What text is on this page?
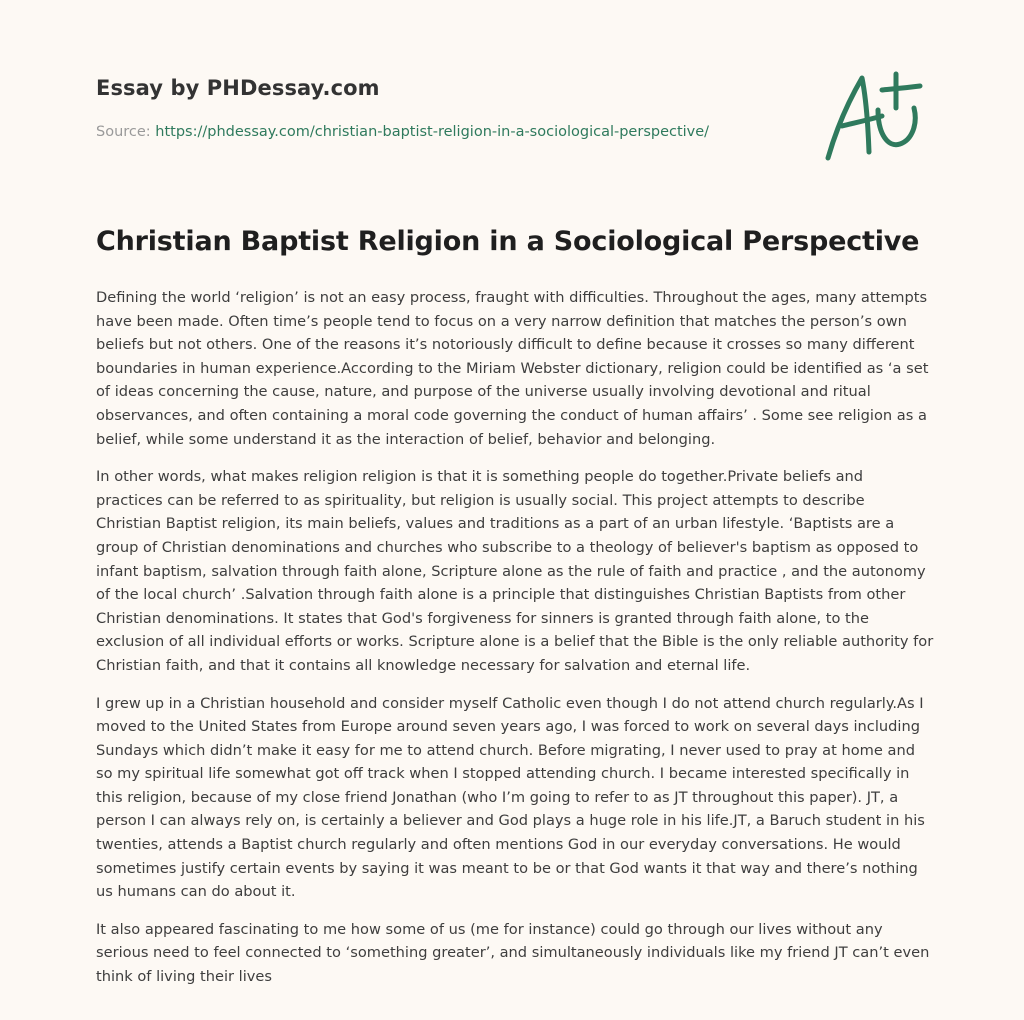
Essay by PHDessay.com
Source: https://phdessay.com/christian-baptist-religion-in-a-sociological-perspective/
Christian Baptist Religion in a Sociological Perspective

Defining the world ‘religion’ is not an easy process, fraught with difficulties. Throughout the ages, many attempts have been made. Often time’s people tend to focus on a very narrow definition that matches the person’s own beliefs but not others. One of the reasons it’s notoriously difficult to define because it crosses so many different boundaries in human experience.According to the Miriam Webster dictionary, religion could be identified as ‘a set of ideas concerning the cause, nature, and purpose of the universe usually involving devotional and ritual observances, and often containing a moral code governing the conduct of human affairs’ . Some see religion as a belief, while some understand it as the interaction of belief, behavior and belonging.

In other words, what makes religion religion is that it is something people do together.Private beliefs and practices can be referred to as spirituality, but religion is usually social. This project attempts to describe Christian Baptist religion, its main beliefs, values and traditions as a part of an urban lifestyle. ‘Baptists are a group of Christian denominations and churches who subscribe to a theology of believer's baptism as opposed to infant baptism, salvation through faith alone, Scripture alone as the rule of faith and practice , and the autonomy of the local church’ .Salvation through faith alone is a principle that distinguishes Christian Baptists from other Christian denominations. It states that God's forgiveness for sinners is granted through faith alone, to the exclusion of all individual efforts or works. Scripture alone is a belief that the Bible is the only reliable authority for Christian faith, and that it contains all knowledge necessary for salvation and eternal life.

I grew up in a Christian household and consider myself Catholic even though I do not attend church regularly.As I moved to the United States from Europe around seven years ago, I was forced to work on several days including Sundays which didn’t make it easy for me to attend church. Before migrating, I never used to pray at home and so my spiritual life somewhat got off track when I stopped attending church. I became interested specifically in this religion, because of my close friend Jonathan (who I’m going to refer to as JT throughout this paper). JT, a person I can always rely on, is certainly a believer and God plays a huge role in his life.JT, a Baruch student in his twenties, attends a Baptist church regularly and often mentions God in our everyday conversations. He would sometimes justify certain events by saying it was meant to be or that God wants it that way and there’s nothing us humans can do about it.

It also appeared fascinating to me how some of us (me for instance) could go through our lives without any serious need to feel connected to ‘something greater’, and simultaneously individuals like my friend JT can’t even think of living their lives
